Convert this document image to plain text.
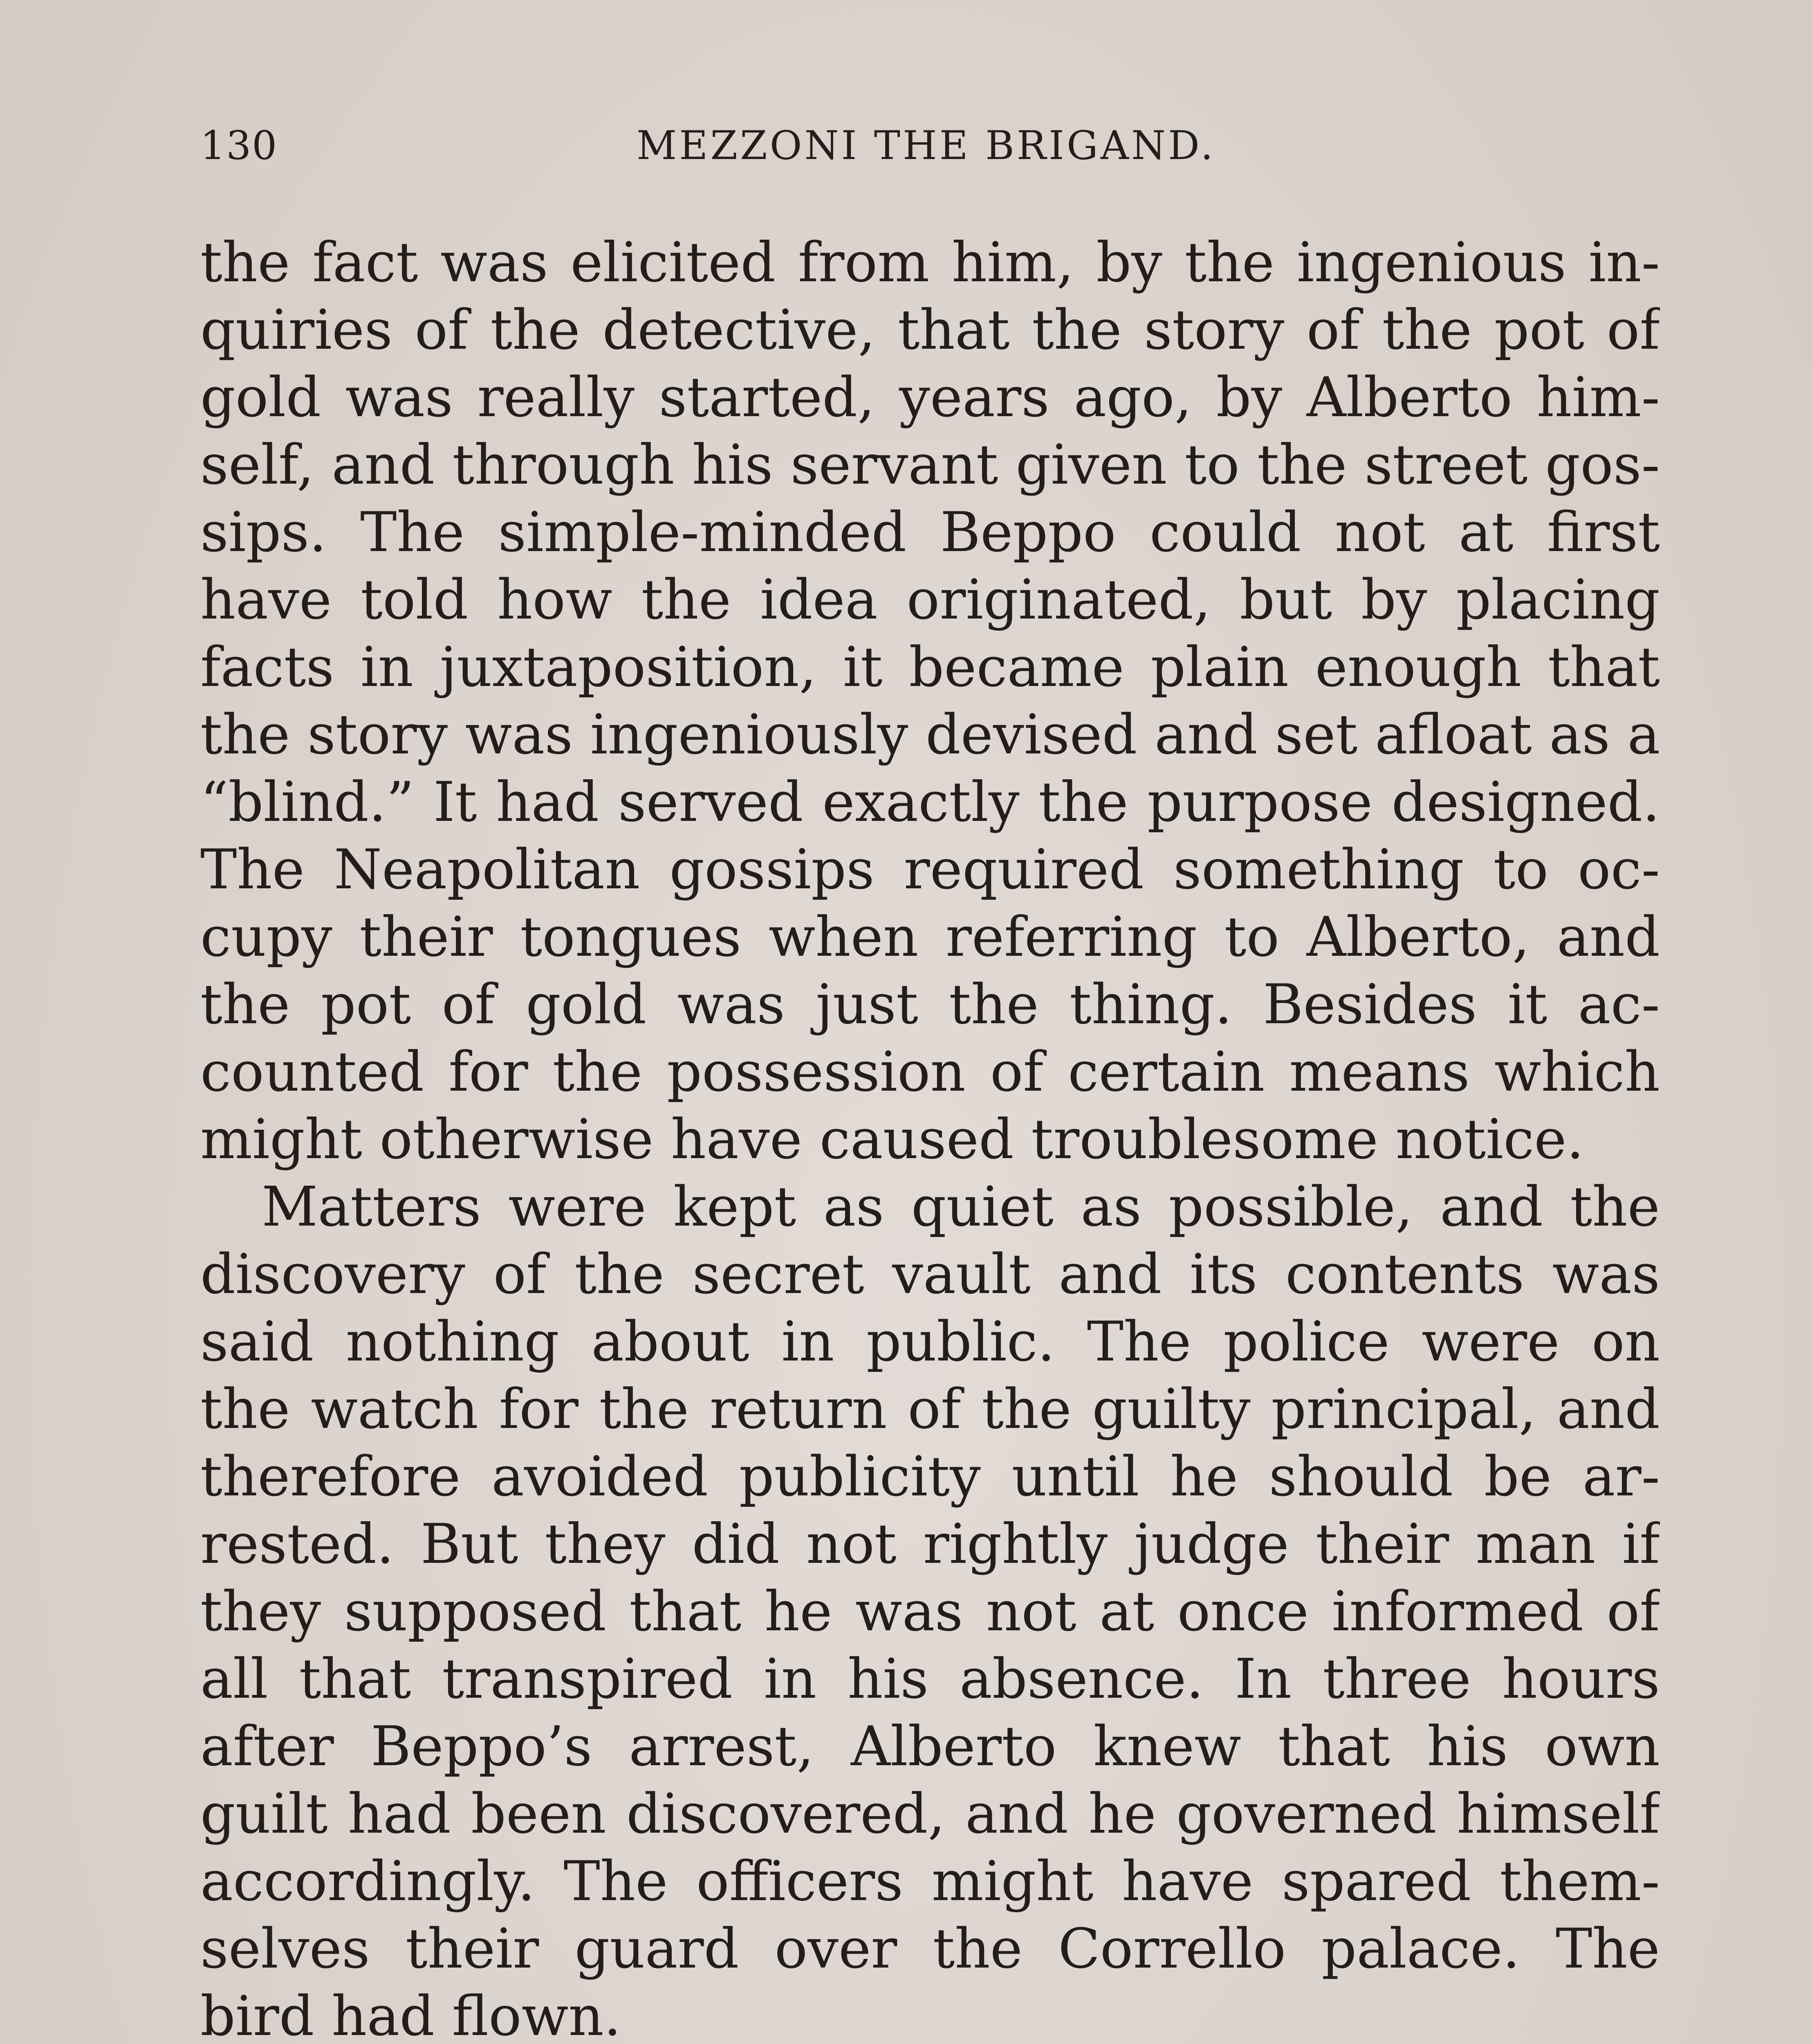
130	MEZZONI THE BRIGAND.
the fact was elicited from him, by the ingenious in-
quiries of the detective, that the story of the pot of
gold was really started, years ago, by Alberto him-
self, and through his servant given to the street gos-
sips. The simple-minded Beppo could not at first
have told how the idea originated, but by placing
facts in juxtaposition, it became plain enough that
the story was ingeniously devised and set afloat as a
“blind.” It had served exactly the purpose designed.
The Neapolitan gossips required something to oc-
cupy their tongues when referring to Alberto, and
the pot of gold was just the thing. Besides it ac-
counted for the possession of certain means which
might otherwise have caused troublesome notice.
Matters were kept as quiet as possible, and the
discovery of the secret vault and its contents was
said nothing about in public. The police were on
the watch for the return of the guilty principal, and
therefore avoided publicity until he should be ar-
rested. But they did not rightly judge their man if
they supposed that he was not at once informed of
all that transpired in his absence. In three hours
after Beppo’s arrest, Alberto knew that his own
guilt had been discovered, and he governed himself
accordingly. The officers might have spared them-
selves their guard over the Corrello palace. The
bird had flown.
